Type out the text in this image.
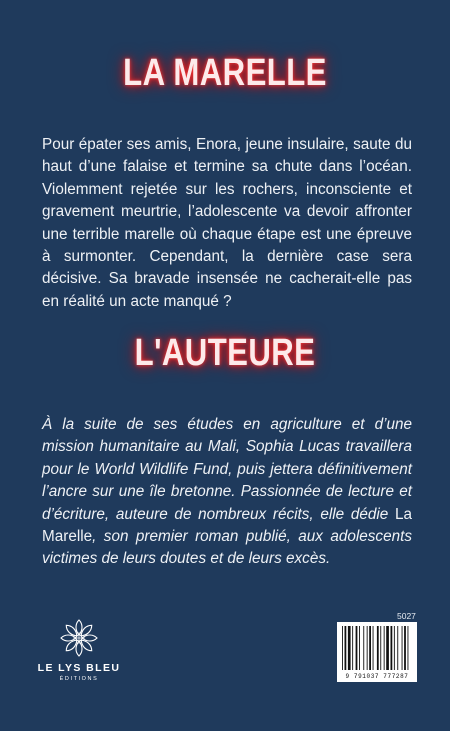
LA MARELLE
Pour épater ses amis, Enora, jeune insulaire, saute du haut d’une falaise et termine sa chute dans l’océan. Violemment rejetée sur les rochers, inconsciente et gravement meurtrie, l’adolescente va devoir affronter une terrible marelle où chaque étape est une épreuve à surmonter. Cependant, la dernière case sera décisive. Sa bravade insensée ne cacherait-elle pas en réalité un acte manqué ?
L'AUTEURE
À la suite de ses études en agriculture et d’une mission humanitaire au Mali, Sophia Lucas travaillera pour le World Wildlife Fund, puis jettera définitivement l’ancre sur une île bretonne. Passionnée de lecture et d’écriture, auteure de nombreux récits, elle dédie La Marelle, son premier roman publié, aux adolescents victimes de leurs doutes et de leurs excès.
LE LYS BLEU
ÉDITIONS
5027
9 791037 777287
